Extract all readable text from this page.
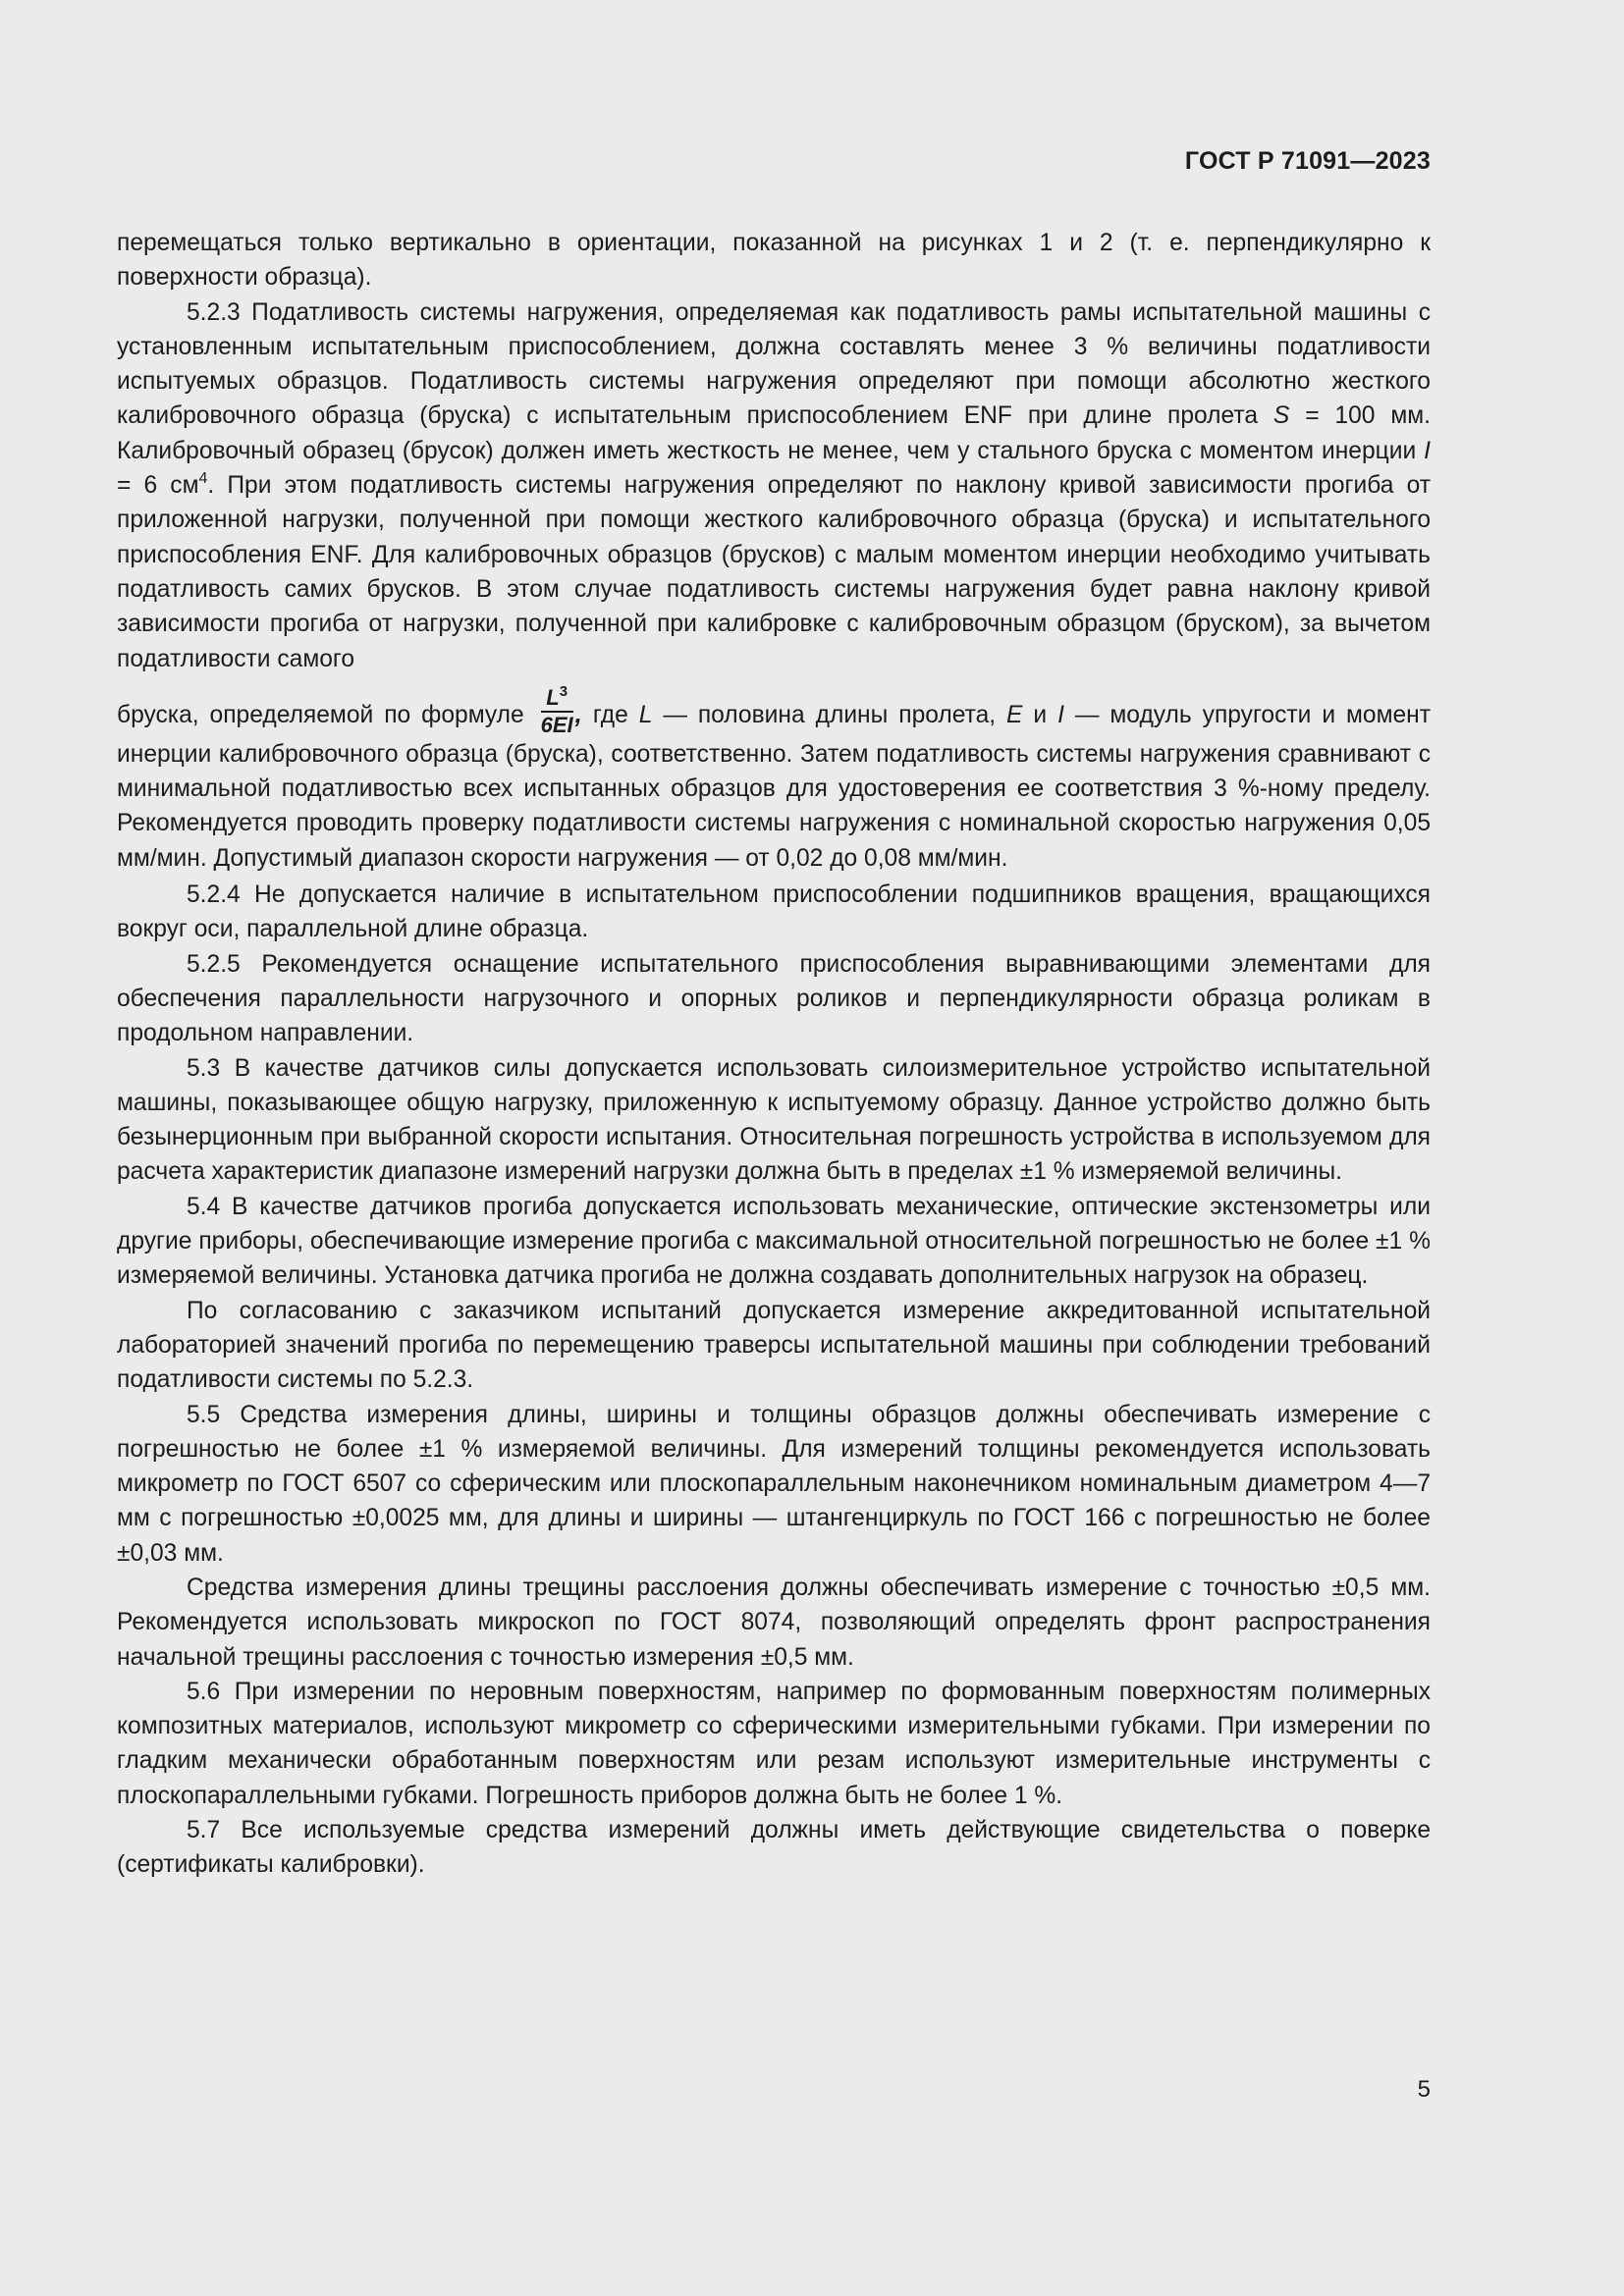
ГОСТ Р 71091—2023

перемещаться только вертикально в ориентации, показанной на рисунках 1 и 2 (т. е. перпендикулярно к поверхности образца).

5.2.3 Податливость системы нагружения, определяемая как податливость рамы испытательной машины с установленным испытательным приспособлением, должна составлять менее 3 % величины податливости испытуемых образцов. Податливость системы нагружения определяют при помощи абсолютно жесткого калибровочного образца (бруска) с испытательным приспособлением ENF при длине пролета S = 100 мм. Калибровочный образец (брусок) должен иметь жесткость не менее, чем у стального бруска с моментом инерции I = 6 $см^4$. При этом податливость системы нагружения определяют по наклону кривой зависимости прогиба от приложенной нагрузки, полученной при помощи жесткого калибровочного образца (бруска) и испытательного приспособления ENF. Для калибровочных образцов (брусков) с малым моментом инерции необходимо учитывать податливость самих брусков. В этом случае податливость системы нагружения будет равна наклону кривой зависимости прогиба от нагрузки, полученной при калибровке с калибровочным образцом (бруском), за вычетом податливости самого

бруска, определяемой по формуле $\frac{L^3}{6EI}$ , где L — половина длины пролета, E и I — модуль упругости и момент инерции калибровочного образца (бруска), соответственно. Затем податливость системы нагружения сравнивают с минимальной податливостью всех испытанных образцов для удостоверения ее соответствия 3 %-ному пределу. Рекомендуется проводить проверку податливости системы нагружения с номинальной скоростью нагружения 0,05 мм/мин. Допустимый диапазон скорости нагружения — от 0,02 до 0,08 мм/мин.

5.2.4 Не допускается наличие в испытательном приспособлении подшипников вращения, вращающихся вокруг оси, параллельной длине образца.

5.2.5 Рекомендуется оснащение испытательного приспособления выравнивающими элементами для обеспечения параллельности нагрузочного и опорных роликов и перпендикулярности образца роликам в продольном направлении.

5.3 В качестве датчиков силы допускается использовать силоизмерительное устройство испытательной машины, показывающее общую нагрузку, приложенную к испытуемому образцу. Данное устройство должно быть безынерционным при выбранной скорости испытания. Относительная погрешность устройства в используемом для расчета характеристик диапазоне измерений нагрузки должна быть в пределах ±1 % измеряемой величины.

5.4 В качестве датчиков прогиба допускается использовать механические, оптические экстензометры или другие приборы, обеспечивающие измерение прогиба с максимальной относительной погрешностью не более ±1 % измеряемой величины. Установка датчика прогиба не должна создавать дополнительных нагрузок на образец.

По согласованию с заказчиком испытаний допускается измерение аккредитованной испытательной лабораторией значений прогиба по перемещению траверсы испытательной машины при соблюдении требований податливости системы по 5.2.3.

5.5 Средства измерения длины, ширины и толщины образцов должны обеспечивать измерение с погрешностью не более ±1 % измеряемой величины. Для измерений толщины рекомендуется использовать микрометр по ГОСТ 6507 со сферическим или плоскопараллельным наконечником номинальным диаметром 4—7 мм с погрешностью ±0,0025 мм, для длины и ширины — штангенциркуль по ГОСТ 166 с погрешностью не более ±0,03 мм.

Средства измерения длины трещины расслоения должны обеспечивать измерение с точностью ±0,5 мм. Рекомендуется использовать микроскоп по ГОСТ 8074, позволяющий определять фронт распространения начальной трещины расслоения с точностью измерения ±0,5 мм.

5.6 При измерении по неровным поверхностям, например по формованным поверхностям полимерных композитных материалов, используют микрометр со сферическими измерительными губками. При измерении по гладким механически обработанным поверхностям или резам используют измерительные инструменты с плоскопараллельными губками. Погрешность приборов должна быть не более 1 %.

5.7 Все используемые средства измерений должны иметь действующие свидетельства о поверке (сертификаты калибровки).

5
